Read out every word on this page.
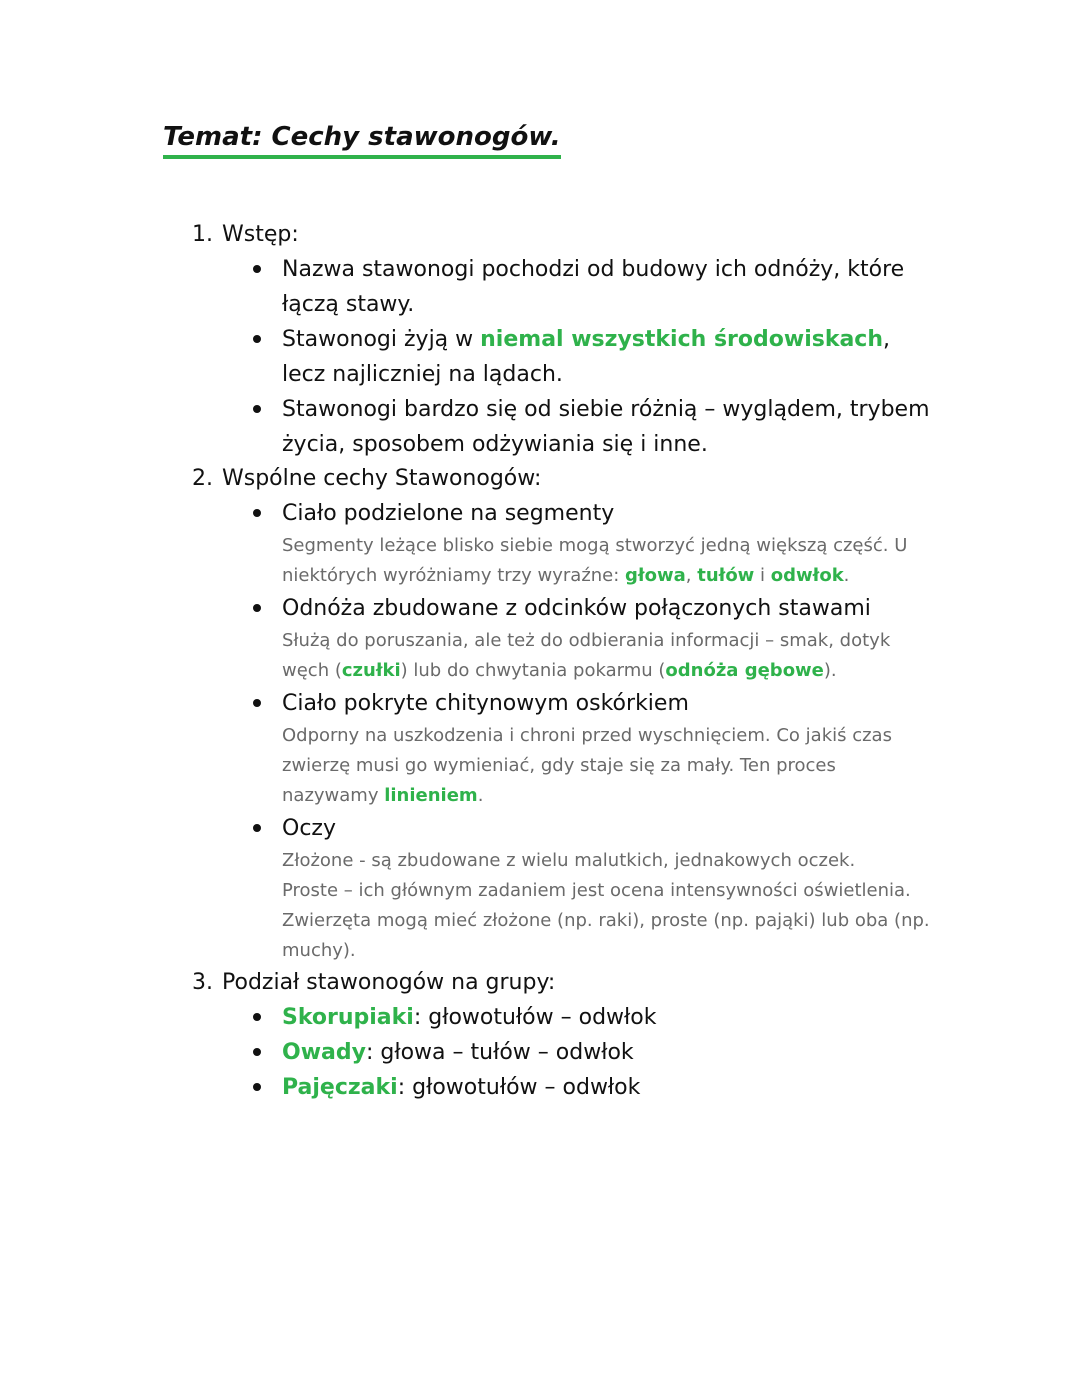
Temat: Cechy stawonogów.
1. Wstęp:
Nazwa stawonogi pochodzi od budowy ich odnóży, które łączą stawy.
Stawonogi żyją w niemal wszystkich środowiskach, lecz najliczniej na lądach.
Stawonogi bardzo się od siebie różnią – wyglądem, trybem życia, sposobem odżywiania się i inne.
2. Wspólne cechy Stawonogów:
Ciało podzielone na segmenty
Segmenty leżące blisko siebie mogą stworzyć jedną większą część. U niektórych wyróżniamy trzy wyraźne: głowa, tułów i odwłok.
Odnóża zbudowane z odcinków połączonych stawami
Służą do poruszania, ale też do odbierania informacji – smak, dotyk węch (czułki) lub do chwytania pokarmu (odnóża gębowe).
Ciało pokryte chitynowym oskórkiem
Odporny na uszkodzenia i chroni przed wyschnięciem. Co jakiś czas zwierzę musi go wymieniać, gdy staje się za mały. Ten proces nazywamy linieniem.
Oczy
Złożone - są zbudowane z wielu malutkich, jednakowych oczek.
Proste – ich głównym zadaniem jest ocena intensywności oświetlenia.
Zwierzęta mogą mieć złożone (np. raki), proste (np. pająki) lub oba (np. muchy).
3. Podział stawonogów na grupy:
Skorupiaki: głowotułów – odwłok
Owady: głowa – tułów – odwłok
Pajęczaki: głowotułów – odwłok
